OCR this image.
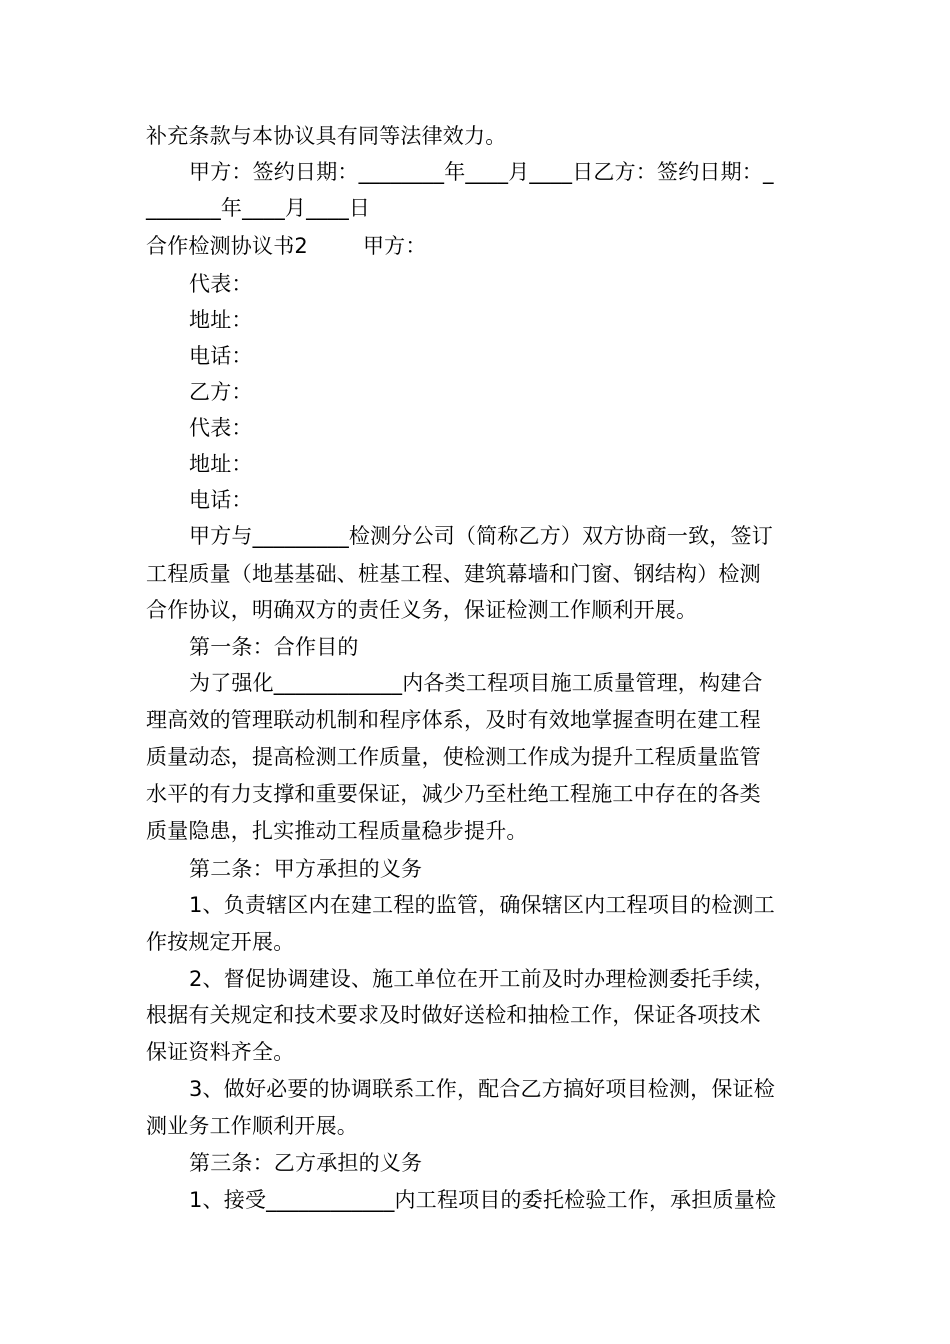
补充条款与本协议具有同等法律效力。
甲方：签约日期：________年____月____日乙方：签约日期：_
_______年____月____日
合作检测协议书2        甲方：
代表：
地址：
电话：
乙方：
代表：
地址：
电话：
甲方与_________检测分公司（简称乙方）双方协商一致，签订
工程质量（地基基础、桩基工程、建筑幕墙和门窗、钢结构）检测
合作协议，明确双方的责任义务，保证检测工作顺利开展。
第一条：合作目的
为了强化____________内各类工程项目施工质量管理，构建合
理高效的管理联动机制和程序体系，及时有效地掌握查明在建工程
质量动态，提高检测工作质量，使检测工作成为提升工程质量监管
水平的有力支撑和重要保证，减少乃至杜绝工程施工中存在的各类
质量隐患，扎实推动工程质量稳步提升。
第二条：甲方承担的义务
1、负责辖区内在建工程的监管，确保辖区内工程项目的检测工
作按规定开展。
2、督促协调建设、施工单位在开工前及时办理检测委托手续，
根据有关规定和技术要求及时做好送检和抽检工作，保证各项技术
保证资料齐全。
3、做好必要的协调联系工作，配合乙方搞好项目检测，保证检
测业务工作顺利开展。
第三条：乙方承担的义务
1、接受____________内工程项目的委托检验工作，承担质量检
